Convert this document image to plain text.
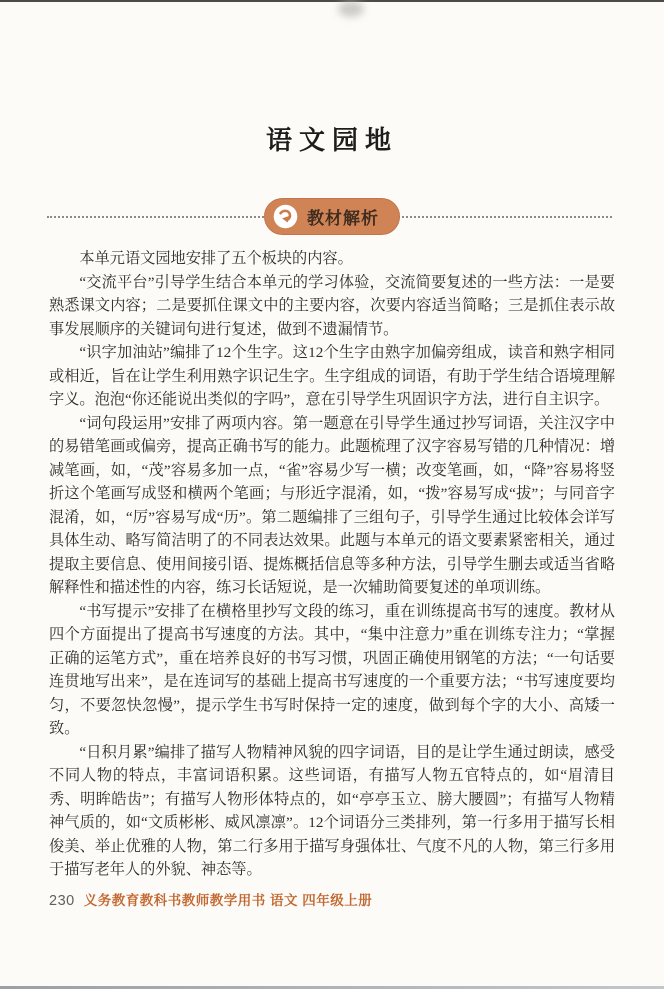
语文园地
教材解析

本单元语文园地安排了五个板块的内容。

“交流平台”引导学生结合本单元的学习体验，交流简要复述的一些方法：一是要熟悉课文内容；二是要抓住课文中的主要内容，次要内容适当简略；三是抓住表示故事发展顺序的关键词句进行复述，做到不遗漏情节。

“识字加油站”编排了12个生字。这12个生字由熟字加偏旁组成，读音和熟字相同或相近，旨在让学生利用熟字识记生字。生字组成的词语，有助于学生结合语境理解字义。泡泡“你还能说出类似的字吗”，意在引导学生巩固识字方法，进行自主识字。

“词句段运用”安排了两项内容。第一题意在引导学生通过抄写词语，关注汉字中的易错笔画或偏旁，提高正确书写的能力。此题梳理了汉字容易写错的几种情况：增减笔画，如，“茂”容易多加一点，“雀”容易少写一横；改变笔画，如，“降”容易将竖折这个笔画写成竖和横两个笔画；与形近字混淆，如，“拨”容易写成“拔”；与同音字混淆，如，“厉”容易写成“历”。第二题编排了三组句子，引导学生通过比较体会详写具体生动、略写简洁明了的不同表达效果。此题与本单元的语文要素紧密相关，通过提取主要信息、使用间接引语、提炼概括信息等多种方法，引导学生删去或适当省略解释性和描述性的内容，练习长话短说，是一次辅助简要复述的单项训练。

“书写提示”安排了在横格里抄写文段的练习，重在训练提高书写的速度。教材从四个方面提出了提高书写速度的方法。其中，“集中注意力”重在训练专注力；“掌握正确的运笔方式”，重在培养良好的书写习惯，巩固正确使用钢笔的方法；“一句话要连贯地写出来”，是在连词写的基础上提高书写速度的一个重要方法；“书写速度要均匀，不要忽快忽慢”，提示学生书写时保持一定的速度，做到每个字的大小、高矮一致。

“日积月累”编排了描写人物精神风貌的四字词语，目的是让学生通过朗读，感受不同人物的特点，丰富词语积累。这些词语，有描写人物五官特点的，如“眉清目秀、明眸皓齿”；有描写人物形体特点的，如“亭亭玉立、膀大腰圆”；有描写人物精神气质的，如“文质彬彬、威风凛凛”。12个词语分三类排列，第一行多用于描写长相俊美、举止优雅的人物，第二行多用于描写身强体壮、气度不凡的人物，第三行多用于描写老年人的外貌、神态等。

230 义务教育教科书教师教学用书 语文 四年级上册
